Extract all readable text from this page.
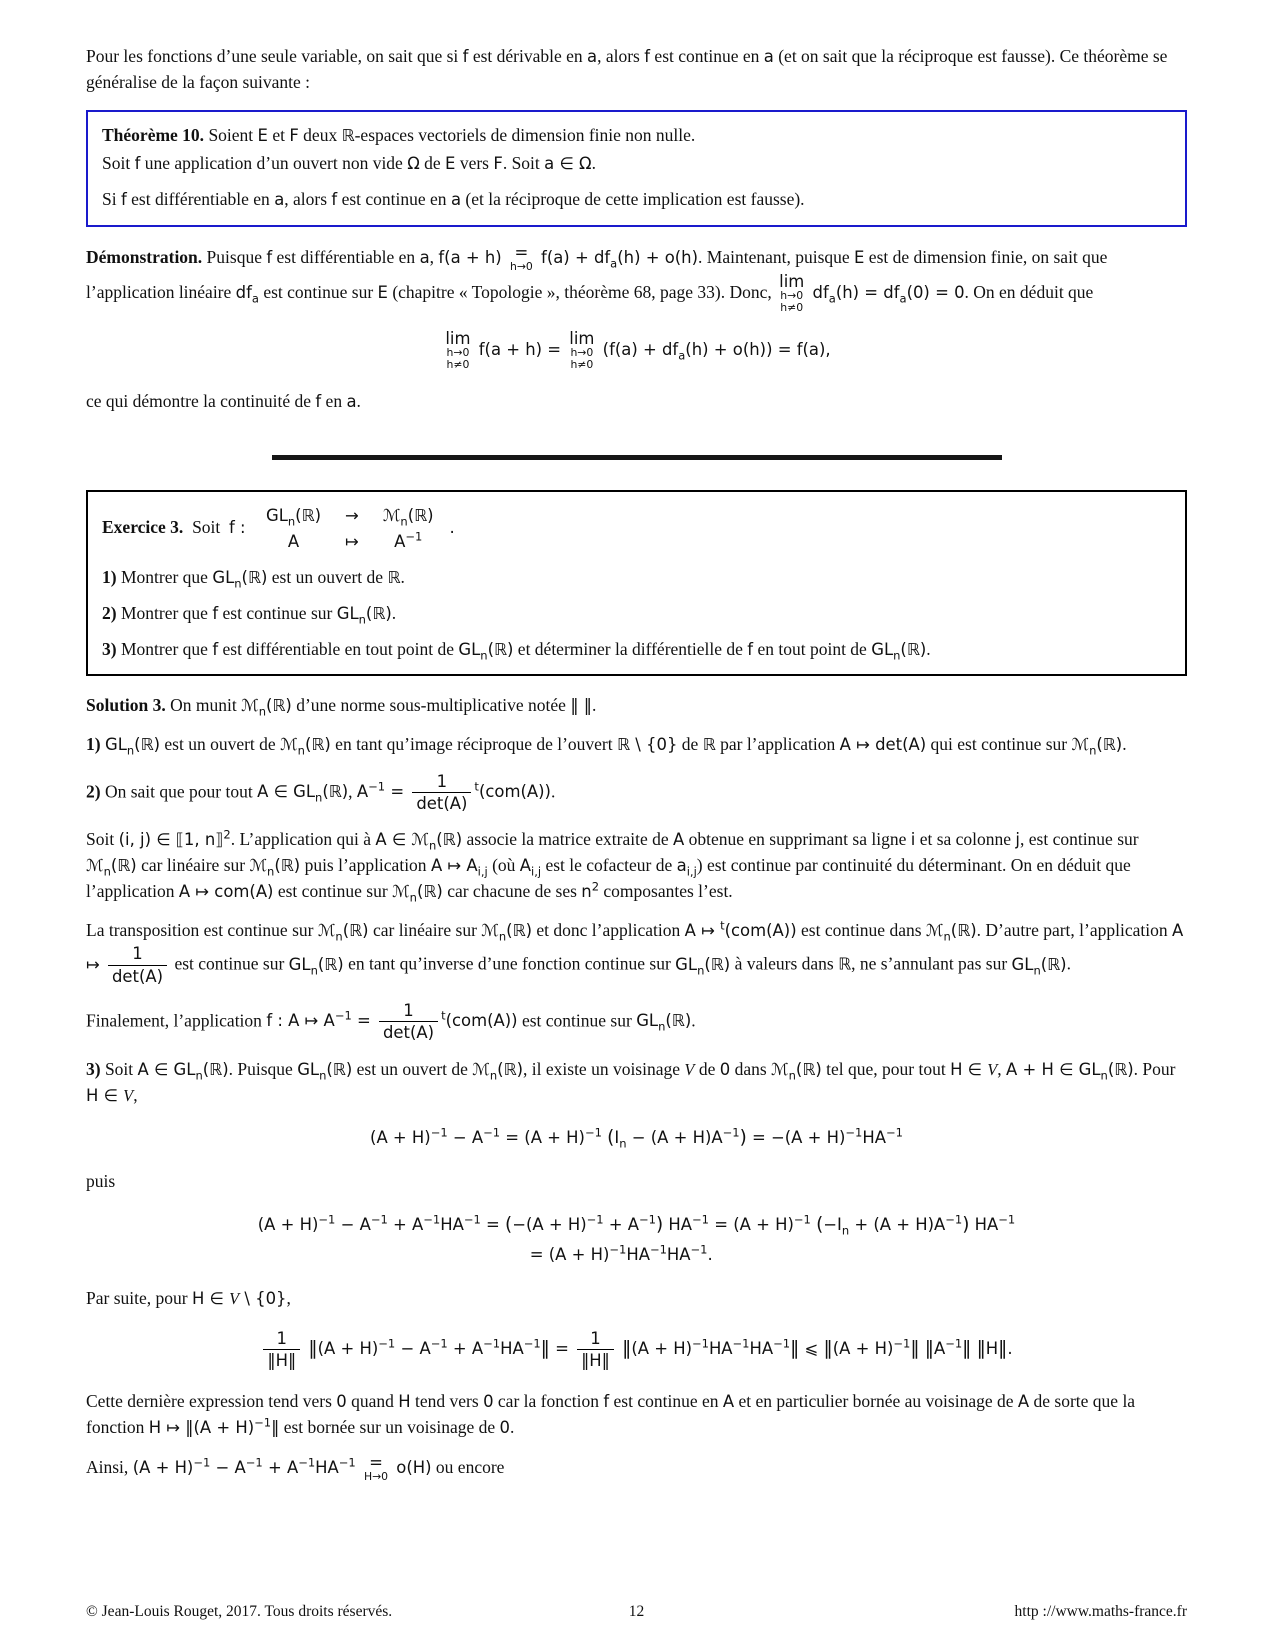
Pour les fonctions d’une seule variable, on sait que si f est dérivable en a, alors f est continue en a (et on sait que la réciproque est fausse). Ce théorème se généralise de la façon suivante :

Théorème 10. Soient E et F deux ℝ-espaces vectoriels de dimension finie non nulle.

Soit f une application d’un ouvert non vide Ω de E vers F. Soit a ∈ Ω.

Si f est différentiable en a, alors f est continue en a (et la réciproque de cette implication est fausse).

Démonstration. Puisque f est différentiable en a, f(a + h) =
h→0 $f(a) + df_a(h) + o(h)$. Maintenant, puisque E est de dimension finie, on sait que l’application linéaire $df_a$ est continue sur E (chapitre « Topologie », théorème 68, page 33). Donc,
lim
h→0
h≠0
$df_a(h) = df_a(0) = 0$. On en déduit que

lim
h→0
h≠0
f(a + h) =
lim
h→0
h≠0
$(f(a) + df_a(h) + o(h)) = f(a)$,

ce qui démontre la continuité de f en a.

Exercice 3.  Soit  f : $GL_n(ℝ)$	→	ℳ$_n$(ℝ)
A	↦	$A^{-1}$ .

1) Montrer que $GL_n(ℝ)$ est un ouvert de ℝ.

2) Montrer que f est continue sur $GL_n(ℝ)$.

3) Montrer que f est différentiable en tout point de $GL_n(ℝ)$ et déterminer la différentielle de f en tout point de $GL_n(ℝ)$.

Solution 3. On munit ℳ$_n$(ℝ) d’une norme sous-multiplicative notée ‖ ‖.

1) $GL_n(ℝ)$ est un ouvert de ℳ$_n$(ℝ) en tant qu’image réciproque de l’ouvert ℝ \ {0} de ℝ par l’application A ↦ det(A) qui est continue sur ℳ$_n$(ℝ).

2) On sait que pour tout A ∈ $GL_n(ℝ)$, $A^{-1} = \frac{1}{\det(A)} ^t(com(A))$.

Soit (i, j) ∈ ⟦1, n⟧$^2$. L’application qui à A ∈ ℳ$_n$(ℝ) associe la matrice extraite de A obtenue en supprimant sa ligne i et sa colonne j, est continue sur ℳ$_n$(ℝ) car linéaire sur ℳ$_n$(ℝ) puis l’application A ↦ $A_{i,j}$ (où $A_{i,j}$ est le cofacteur de $a_{i,j}$) est continue par continuité du déterminant. On en déduit que l’application A ↦ com(A) est continue sur ℳ$_n$(ℝ) car chacune de ses $n^2$ composantes l’est.

La transposition est continue sur ℳ$_n$(ℝ) car linéaire sur ℳ$_n$(ℝ) et donc l’application A ↦ $^t$(com(A)) est continue dans ℳ$_n$(ℝ). D’autre part, l’application A ↦ $\frac{1}{\det(A)}$ est continue sur $GL_n(ℝ)$ en tant qu’inverse d’une fonction continue sur $GL_n(ℝ)$ à valeurs dans ℝ, ne s’annulant pas sur $GL_n(ℝ)$.

Finalement, l’application f : A ↦ $A^{-1} = \frac{1}{\det(A)} ^t(com(A))$ est continue sur $GL_n(ℝ)$.

3) Soit A ∈ $GL_n(ℝ)$. Puisque $GL_n(ℝ)$ est un ouvert de ℳ$_n$(ℝ), il existe un voisinage V de 0 dans ℳ$_n$(ℝ) tel que, pour tout H ∈ V, A + H ∈ $GL_n(ℝ)$. Pour H ∈ V,

$(A + H)^{-1} - A^{-1} = (A + H)^{-1}$ $(I_n - (A + H)A^{-1}) = -(A + H)^{-1}HA^{-1}$

puis

$(A + H)^{-1} - A^{-1} + A^{-1}HA^{-1} = (-(A + H)^{-1} + A^{-1})$ $HA^{-1} = (A + H)^{-1}$ $(-I_n + (A + H)A^{-1})$ $HA^{-1}$
= $(A + H)^{-1}HA^{-1}HA^{-1}$.

Par suite, pour H ∈ V \ {0},

$\frac{1}{‖H‖}$ ‖(A + $H)^{-1} - A^{-1}$ + $A^{-1}HA^{-1}‖ = \frac{1}{‖H‖}$ ‖(A + $H)^{-1}HA^{-1}HA^{-1}‖$ ⩽ ‖(A + H)$^{-1}$‖ $‖A^{-1}‖$ ‖H‖.

Cette dernière expression tend vers 0 quand H tend vers 0 car la fonction f est continue en A et en particulier bornée au voisinage de A de sorte que la fonction H ↦ ‖(A + H)$^{-1}$‖ est bornée sur un voisinage de 0.

Ainsi, $(A + H)^{-1} - A^{-1} + A^{-1}HA^{-1}$ =
H→0 o(H) ou encore

© Jean-Louis Rouget, 2017. Tous droits réservés.	12	http ://www.maths-france.fr
